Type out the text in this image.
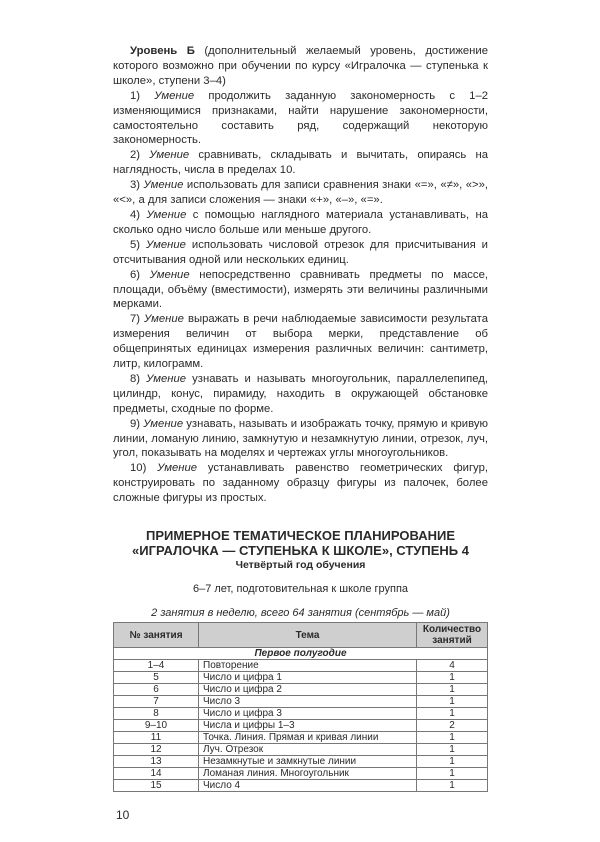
Уровень Б (дополнительный желаемый уровень, достижение которого возможно при обучении по курсу «Игралочка — ступенька к школе», ступени 3–4)

1) Умение продолжить заданную закономерность с 1–2 изменяющимися признаками, найти нарушение закономерности, самостоятельно составить ряд, содержащий некоторую закономерность.

2) Умение сравнивать, складывать и вычитать, опираясь на наглядность, числа в пределах 10.

3) Умение использовать для записи сравнения знаки «=», «≠», «>», «<», а для записи сложения — знаки «+», «–», «=».

4) Умение с помощью наглядного материала устанавливать, на сколько одно число больше или меньше другого.

5) Умение использовать числовой отрезок для присчитывания и отсчитывания одной или нескольких единиц.

6) Умение непосредственно сравнивать предметы по массе, площади, объёму (вместимости), измерять эти величины различными мерками.

7) Умение выражать в речи наблюдаемые зависимости результата измерения величин от выбора мерки, представление об общепринятых единицах измерения различных величин: сантиметр, литр, килограмм.

8) Умение узнавать и называть многоугольник, параллелепипед, цилиндр, конус, пирамиду, находить в окружающей обстановке предметы, сходные по форме.

9) Умение узнавать, называть и изображать точку, прямую и кривую линии, ломаную линию, замкнутую и незамкнутую линии, отрезок, луч, угол, показывать на моделях и чертежах углы многоугольников.

10) Умение устанавливать равенство геометрических фигур, конструировать по заданному образцу фигуры из палочек, более сложные фигуры из простых.

ПРИМЕРНОЕ ТЕМАТИЧЕСКОЕ ПЛАНИРОВАНИЕ
«ИГРАЛОЧКА — СТУПЕНЬКА К ШКОЛЕ», СТУПЕНЬ 4
Четвёртый год обучения
6–7 лет, подготовительная к школе группа
2 занятия в неделю, всего 64 занятия (сентябрь — май)
№ занятия	Тема	Количество занятий
Первое полугодие		
1–4	Повторение	4
5	Число и цифра 1	1
6	Число и цифра 2	1
7	Число 3	1
8	Число и цифра 3	1
9–10	Числа и цифры 1–3	2
11	Точка. Линия. Прямая и кривая линии	1
12	Луч. Отрезок	1
13	Незамкнутые и замкнутые линии	1
14	Ломаная линия. Многоугольник	1
15	Число 4	1
10
